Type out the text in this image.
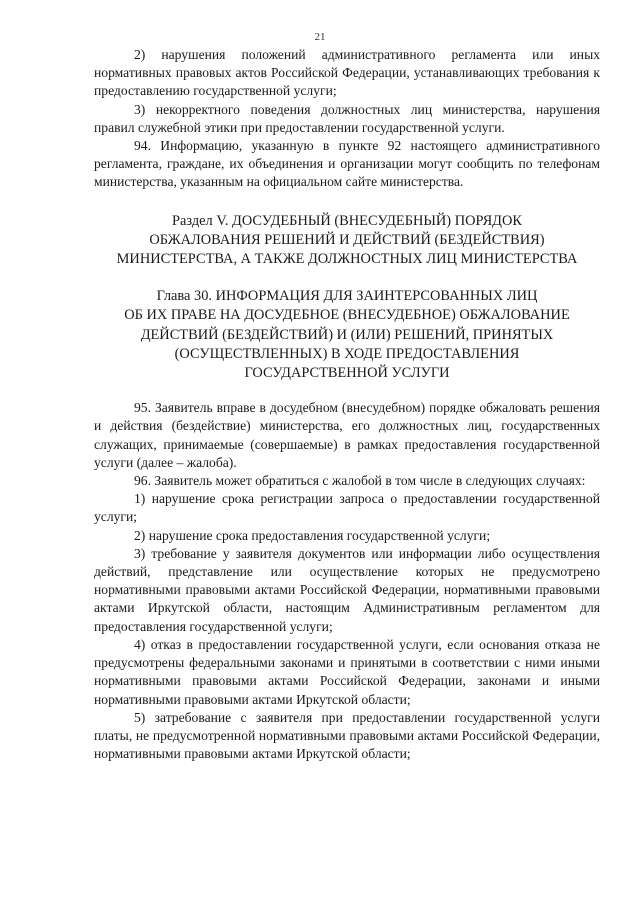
21

2) нарушения положений административного регламента или иных нормативных правовых актов Российской Федерации, устанавливающих требования к предоставлению государственной услуги;

3) некорректного поведения должностных лиц министерства, нарушения правил служебной этики при предоставлении государственной услуги.

94. Информацию, указанную в пункте 92 настоящего административного регламента, граждане, их объединения и организации могут сообщить по телефонам министерства, указанным на официальном сайте министерства.

Раздел V. ДОСУДЕБНЫЙ (ВНЕСУДЕБНЫЙ) ПОРЯДОК
ОБЖАЛОВАНИЯ РЕШЕНИЙ И ДЕЙСТВИЙ (БЕЗДЕЙСТВИЯ)
МИНИСТЕРСТВА, А ТАКЖЕ ДОЛЖНОСТНЫХ ЛИЦ МИНИСТЕРСТВА
Глава 30. ИНФОРМАЦИЯ ДЛЯ ЗАИНТЕРСОВАННЫХ ЛИЦ
ОБ ИХ ПРАВЕ НА ДОСУДЕБНОЕ (ВНЕСУДЕБНОЕ) ОБЖАЛОВАНИЕ
ДЕЙСТВИЙ (БЕЗДЕЙСТВИЙ) И (ИЛИ) РЕШЕНИЙ, ПРИНЯТЫХ
(ОСУЩЕСТВЛЕННЫХ) В ХОДЕ ПРЕДОСТАВЛЕНИЯ
ГОСУДАРСТВЕННОЙ УСЛУГИ

95. Заявитель вправе в досудебном (внесудебном) порядке обжаловать решения и действия (бездействие) министерства, его должностных лиц, государственных служащих, принимаемые (совершаемые) в рамках предоставления государственной услуги (далее – жалоба).

96. Заявитель может обратиться с жалобой в том числе в следующих случаях:

1) нарушение срока регистрации запроса о предоставлении государственной услуги;

2) нарушение срока предоставления государственной услуги;

3) требование у заявителя документов или информации либо осуществления действий, представление или осуществление которых не предусмотрено нормативными правовыми актами Российской Федерации, нормативными правовыми актами Иркутской области, настоящим Административным регламентом для предоставления государственной услуги;

4) отказ в предоставлении государственной услуги, если основания отказа не предусмотрены федеральными законами и принятыми в соответствии с ними иными нормативными правовыми актами Российской Федерации, законами и иными нормативными правовыми актами Иркутской области;

5) затребование с заявителя при предоставлении государственной услуги платы, не предусмотренной нормативными правовыми актами Российской Федерации, нормативными правовыми актами Иркутской области;
